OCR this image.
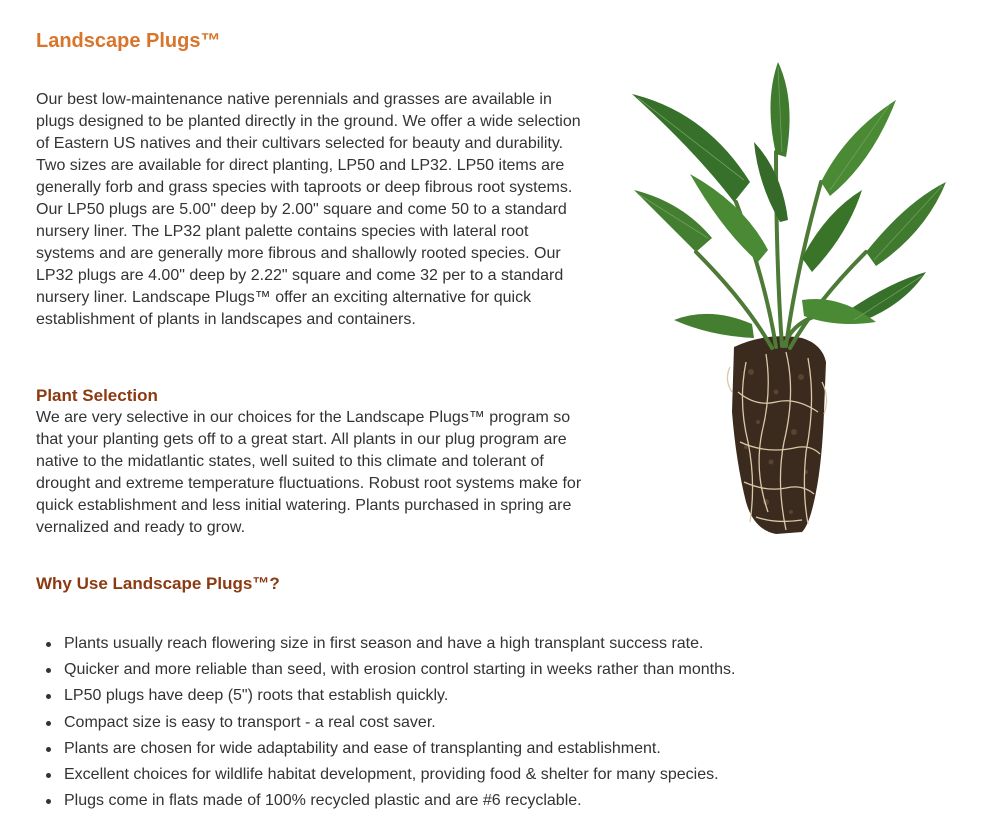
Landscape Plugs™

Our best low-maintenance native perennials and grasses are available in plugs designed to be planted directly in the ground. We offer a wide selection of Eastern US natives and their cultivars selected for beauty and durability. Two sizes are available for direct planting, LP50 and LP32. LP50 items are generally forb and grass species with taproots or deep fibrous root systems. Our LP50 plugs are 5.00" deep by 2.00" square and come 50 to a standard nursery liner. The LP32 plant palette contains species with lateral root systems and are generally more fibrous and shallowly rooted species. Our LP32 plugs are 4.00" deep by 2.22" square and come 32 per to a standard nursery liner. Landscape Plugs™ offer an exciting alternative for quick establishment of plants in landscapes and containers.

Plant Selection

We are very selective in our choices for the Landscape Plugs™ program so that your planting gets off to a great start. All plants in our plug program are native to the midatlantic states, well suited to this climate and tolerant of drought and extreme temperature fluctuations. Robust root systems make for quick establishment and less initial watering. Plants purchased in spring are vernalized and ready to grow.

Why Use Landscape Plugs™?
Plants usually reach flowering size in first season and have a high transplant success rate.
Quicker and more reliable than seed, with erosion control starting in weeks rather than months.
LP50 plugs have deep (5") roots that establish quickly.
Compact size is easy to transport - a real cost saver.
Plants are chosen for wide adaptability and ease of transplanting and establishment.
Excellent choices for wildlife habitat development, providing food & shelter for many species.
Plugs come in flats made of 100% recycled plastic and are #6 recyclable.
